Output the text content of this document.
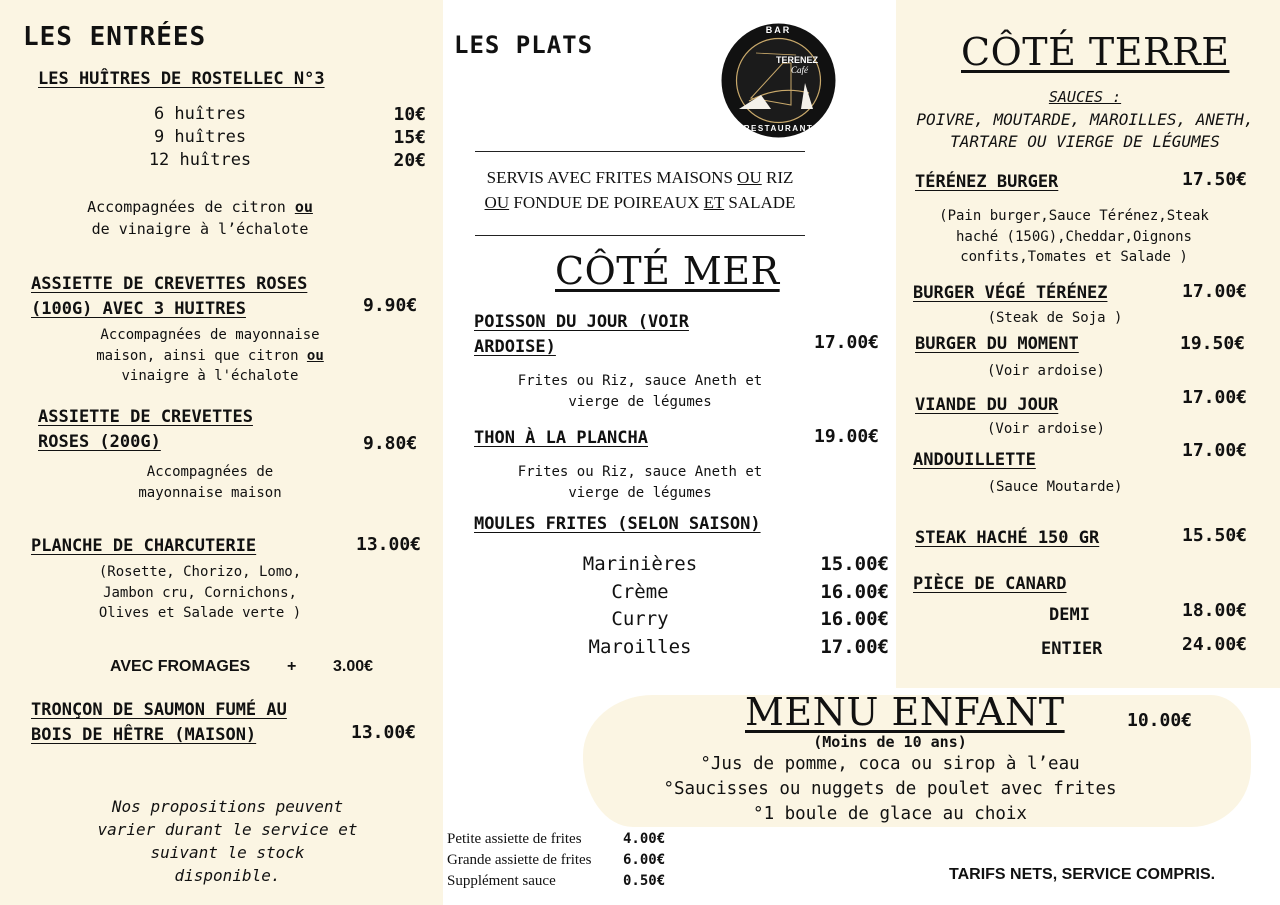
LES ENTRÉES
LES HUÎTRES DE ROSTELLEC N°3
6 huîtres	10€
9 huîtres	15€
12 huîtres	20€
Accompagnées de citron ou
de vinaigre à l’échalote
ASSIETTE DE CREVETTES ROSES
(100G) AVEC 3 HUITRES	9.90€
Accompagnées de mayonnaise
maison, ainsi que citron ou
vinaigre à l'échalote
ASSIETTE DE CREVETTES
ROSES (200G)	9.80€
Accompagnées de
mayonnaise maison
PLANCHE DE CHARCUTERIE	13.00€
(Rosette, Chorizo, Lomo,
Jambon cru, Cornichons,
Olives et Salade verte )
AVEC FROMAGES + 3.00€
TRONÇON DE SAUMON FUMÉ AU
BOIS DE HÊTRE (MAISON)	13.00€
Nos propositions peuvent
varier durant le service et
suivant le stock
disponible.
LES PLATS
BAR
TERENEZ
Café
RESTAURANT
SERVIS AVEC FRITES MAISONS OU RIZ
OU FONDUE DE POIREAUX ET SALADE
CÔTÉ MER
POISSON DU JOUR (VOIR
ARDOISE)	17.00€
Frites ou Riz, sauce Aneth et
vierge de légumes
THON À LA PLANCHA	19.00€
Frites ou Riz, sauce Aneth et
vierge de légumes
MOULES FRITES (SELON SAISON)
Marinières	15.00€
Crème	16.00€
Curry	16.00€
Maroilles	17.00€
Petite assiette de frites	4.00€
Grande assiette de frites	6.00€
Supplément sauce	0.50€
CÔTÉ TERRE
SAUCES :
POIVRE, MOUTARDE, MAROILLES, ANETH,
TARTARE OU VIERGE DE LÉGUMES
TÉRÉNEZ BURGER	17.50€
(Pain burger,Sauce Térénez,Steak
haché (150G),Cheddar,Oignons
confits,Tomates et Salade )
BURGER VÉGÉ TÉRÉNEZ	17.00€
(Steak de Soja )
BURGER DU MOMENT	19.50€
(Voir ardoise)
VIANDE DU JOUR	17.00€
(Voir ardoise)
ANDOUILLETTE	17.00€
(Sauce Moutarde)
STEAK HACHÉ 150 GR	15.50€
PIÈCE DE CANARD
DEMI	18.00€
ENTIER	24.00€
MENU ENFANT	10.00€
(Moins de 10 ans)
°Jus de pomme, coca ou sirop à l’eau
°Saucisses ou nuggets de poulet avec frites
°1 boule de glace au choix
TARIFS NETS, SERVICE COMPRIS.
